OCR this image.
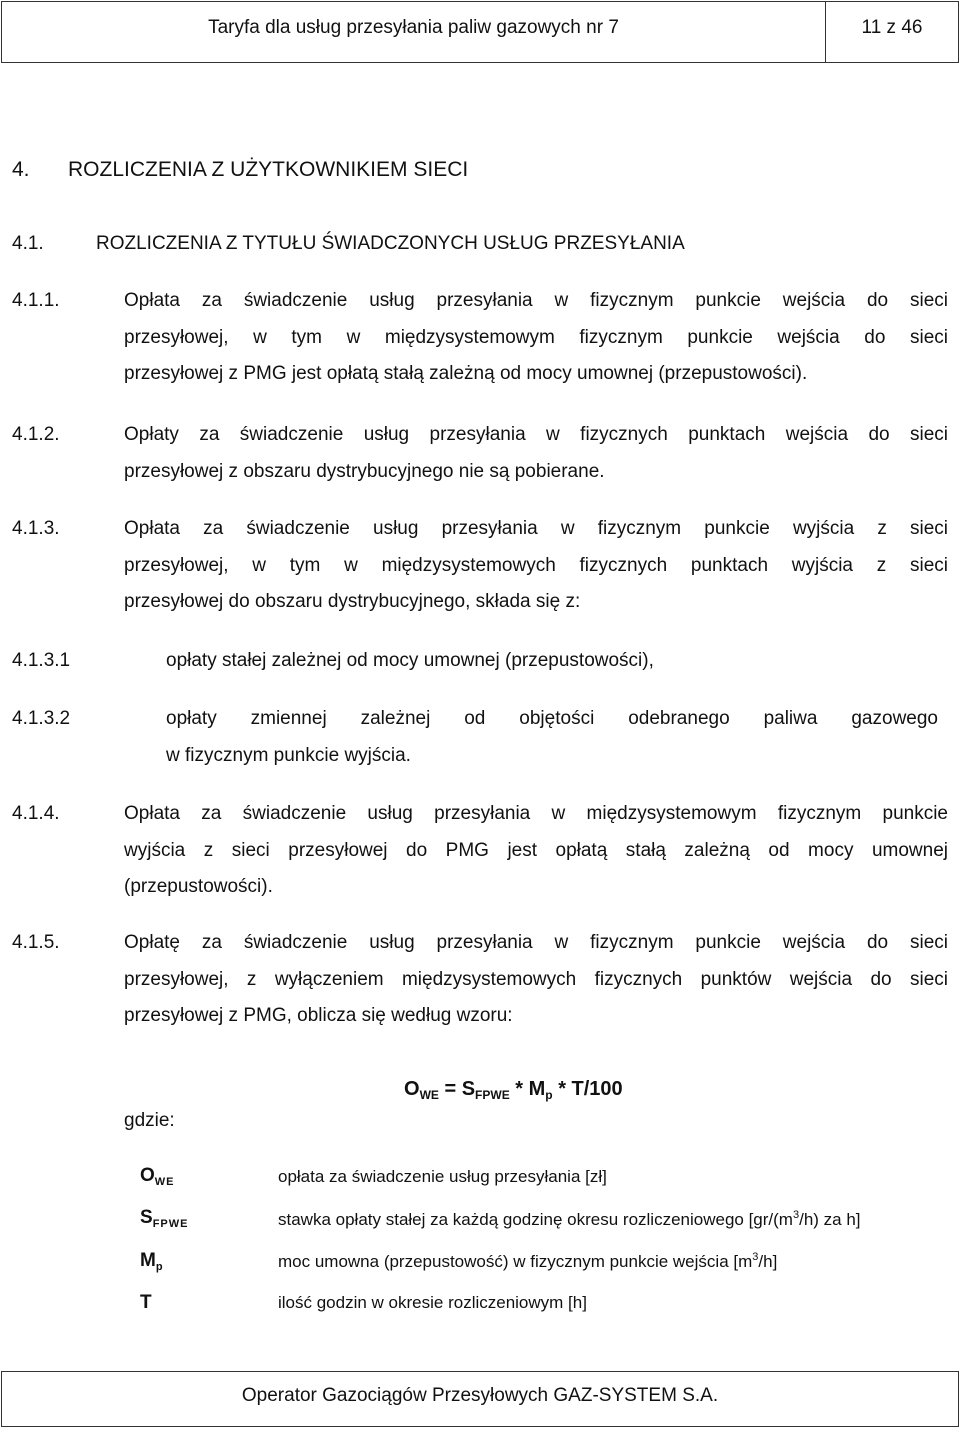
Taryfa dla usług przesyłania paliw gazowych nr 7	11 z 46
4. ROZLICZENIA Z UŻYTKOWNIKIEM SIECI
4.1.	ROZLICZENIA Z TYTUŁU ŚWIADCZONYCH USŁUG PRZESYŁANIA
4.1.1.	Opłata za świadczenie usług przesyłania w fizycznym punkcie wejścia do sieci
przesyłowej, w tym w międzysystemowym fizycznym punkcie wejścia do sieci
przesyłowej z PMG jest opłatą stałą zależną od mocy umownej (przepustowości).
4.1.2.	Opłaty za świadczenie usług przesyłania w fizycznych punktach wejścia do sieci
przesyłowej z obszaru dystrybucyjnego nie są pobierane.
4.1.3.	Opłata za świadczenie usług przesyłania w fizycznym punkcie wyjścia z sieci
przesyłowej, w tym w międzysystemowych fizycznych punktach wyjścia z sieci
przesyłowej do obszaru dystrybucyjnego, składa się z:
4.1.3.1	opłaty stałej zależnej od mocy umownej (przepustowości),
4.1.3.2	opłaty zmiennej zależnej od objętości odebranego paliwa gazowego
w fizycznym punkcie wyjścia.
4.1.4.	Opłata za świadczenie usług przesyłania w międzysystemowym fizycznym punkcie
wyjścia z sieci przesyłowej do PMG jest opłatą stałą zależną od mocy umownej
(przepustowości).
4.1.5.	Opłatę za świadczenie usług przesyłania w fizycznym punkcie wejścia do sieci
przesyłowej, z wyłączeniem międzysystemowych fizycznych punktów wejścia do sieci
przesyłowej z PMG, oblicza się według wzoru:
$O_{WE} = S_{FPWE} * M_p * T/100$
gdzie:
$O_{WE}$	opłata za świadczenie usług przesyłania [zł]
$S_{FPWE}$	stawka opłaty stałej za każdą godzinę okresu rozliczeniowego [$gr/(m^3/h)$ za h]
$M_p$	moc umowna (przepustowość) w fizycznym punkcie wejścia $[m^3/h]$
T	ilość godzin w okresie rozliczeniowym [h]
Operator Gazociągów Przesyłowych GAZ-SYSTEM S.A.
